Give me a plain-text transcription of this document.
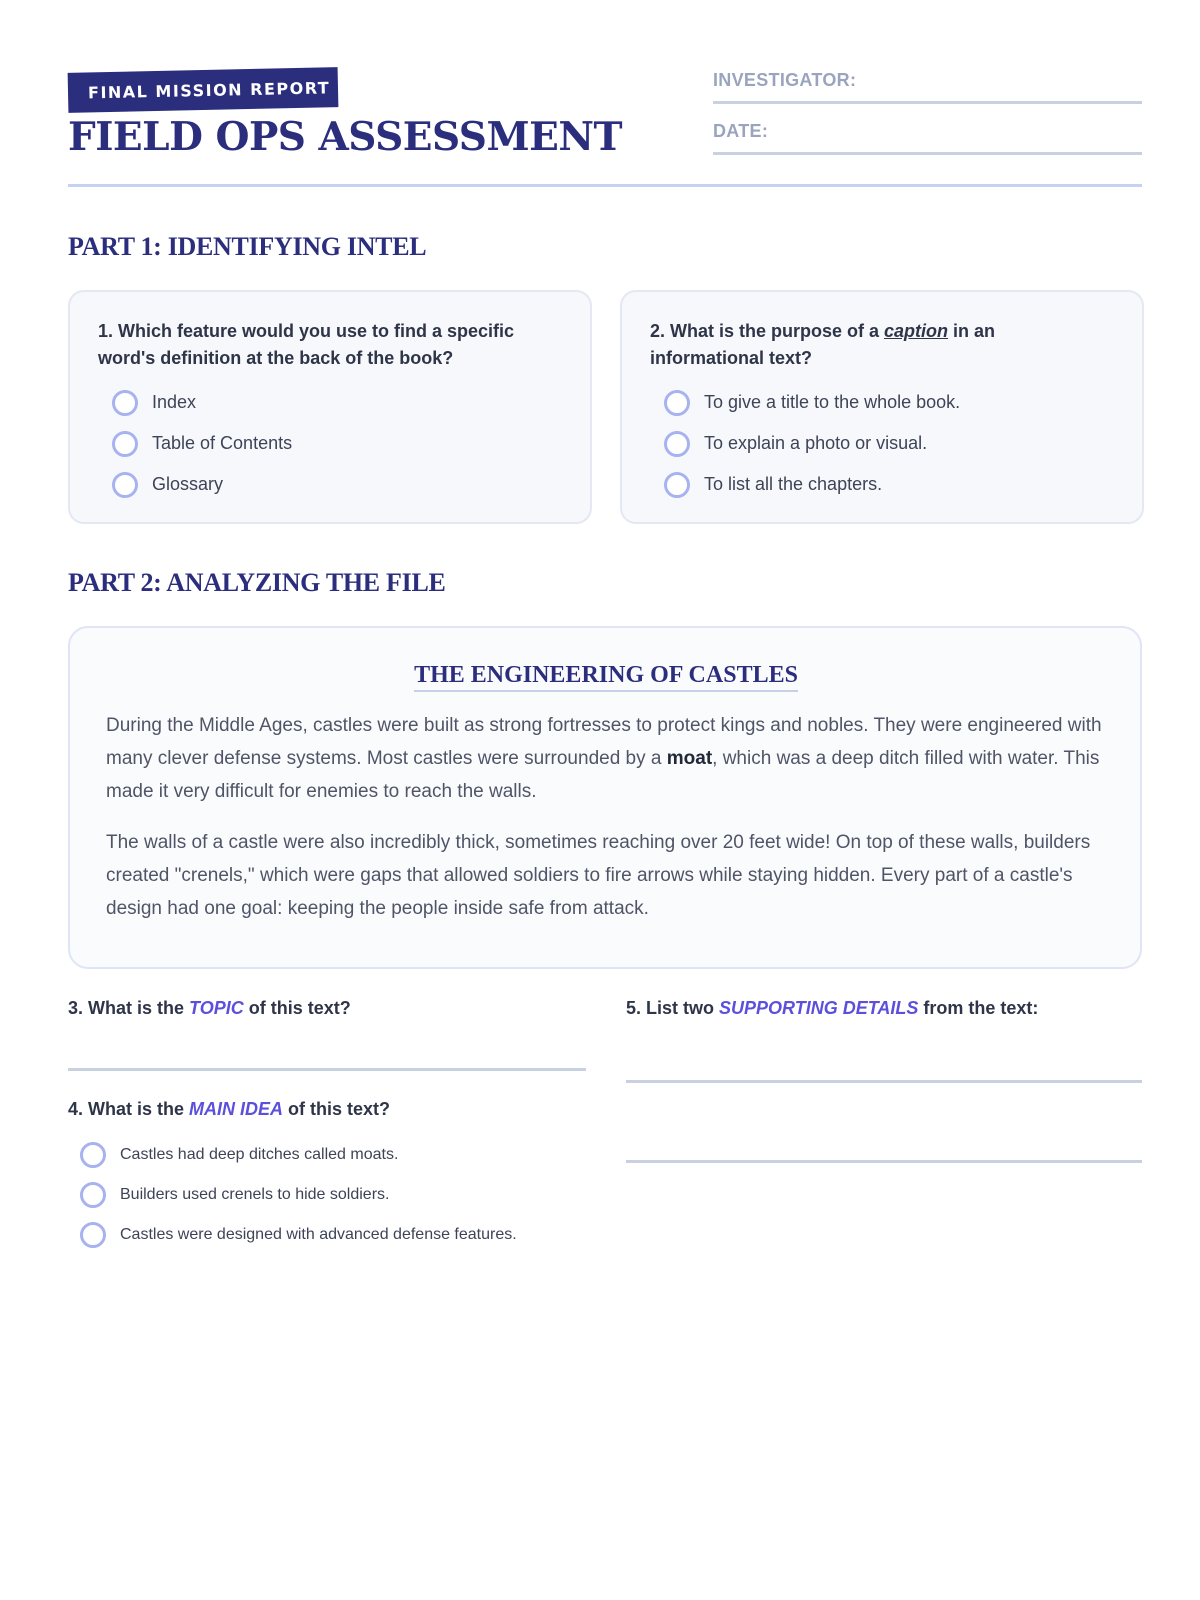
FINAL MISSION REPORT
FIELD OPS ASSESSMENT
INVESTIGATOR:
DATE:
PART 1: IDENTIFYING INTEL

1. Which feature would you use to find a specific word's definition at the back of the book?

Index
Table of Contents
Glossary

2. What is the purpose of a caption in an informational text?

To give a title to the whole book.
To explain a photo or visual.
To list all the chapters.
PART 2: ANALYZING THE FILE
THE ENGINEERING OF CASTLES

During the Middle Ages, castles were built as strong fortresses to protect kings and nobles. They were engineered with many clever defense systems. Most castles were surrounded by a moat, which was a deep ditch filled with water. This made it very difficult for enemies to reach the walls.

The walls of a castle were also incredibly thick, sometimes reaching over 20 feet wide! On top of these walls, builders created "crenels," which were gaps that allowed soldiers to fire arrows while staying hidden. Every part of a castle's design had one goal: keeping the people inside safe from attack.

3. What is the TOPIC of this text?

4. What is the MAIN IDEA of this text?

Castles had deep ditches called moats.
Builders used crenels to hide soldiers.
Castles were designed with advanced defense features.

5. List two SUPPORTING DETAILS from the text:
